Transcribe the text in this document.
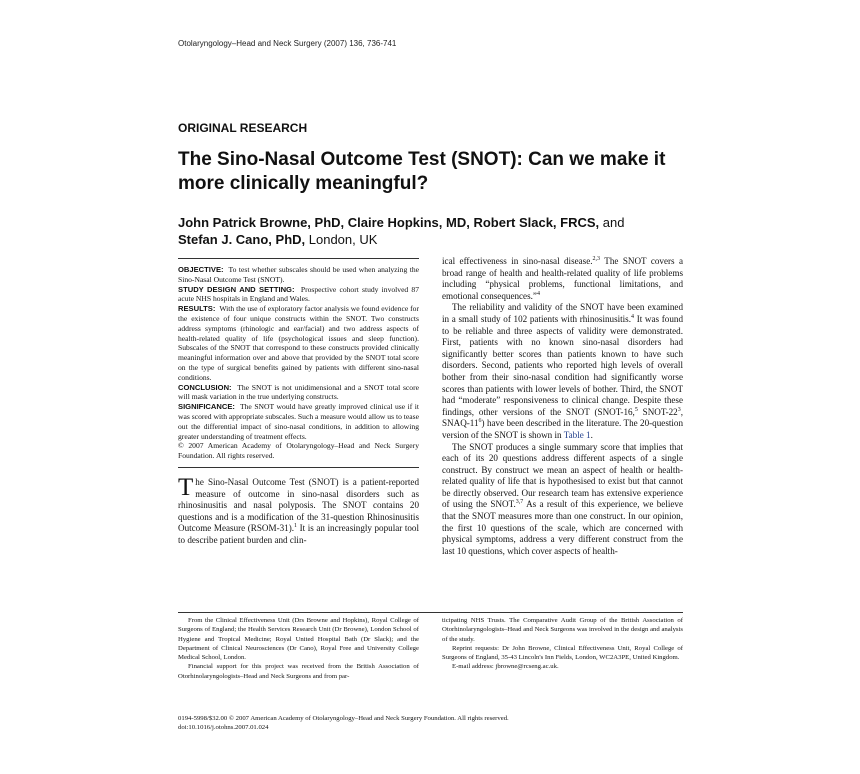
Otolaryngology–Head and Neck Surgery (2007) 136, 736-741
ORIGINAL RESEARCH
The Sino-Nasal Outcome Test (SNOT): Can we make it more clinically meaningful?
John Patrick Browne, PhD, Claire Hopkins, MD, Robert Slack, FRCS, and
Stefan J. Cano, PhD, London, UK

OBJECTIVE: To test whether subscales should be used when analyzing the Sino-Nasal Outcome Test (SNOT).

STUDY DESIGN AND SETTING: Prospective cohort study involved 87 acute NHS hospitals in England and Wales.

RESULTS: With the use of exploratory factor analysis we found evidence for the existence of four unique constructs within the SNOT. Two constructs address symptoms (rhinologic and ear/facial) and two address aspects of health-related quality of life (psychological issues and sleep function). Subscales of the SNOT that correspond to these constructs provided clinically meaningful information over and above that provided by the SNOT total score on the type of surgical benefits gained by patients with different sino-nasal conditions.

CONCLUSION: The SNOT is not unidimensional and a SNOT total score will mask variation in the true underlying constructs.

SIGNIFICANCE: The SNOT would have greatly improved clinical use if it was scored with appropriate subscales. Such a measure would allow us to tease out the differential impact of sino-nasal conditions, in addition to allowing greater understanding of treatment effects.

© 2007 American Academy of Otolaryngology–Head and Neck Surgery Foundation. All rights reserved.

The Sino-Nasal Outcome Test (SNOT) is a patient-reported measure of outcome in sino-nasal disorders such as rhinosinusitis and nasal polyposis. The SNOT contains 20 questions and is a modification of the 31-question Rhinosinusitis Outcome Measure (RSOM-31).$^1$ It is an increasingly popular tool to describe patient burden and clin-

ical effectiveness in sino-nasal disease.$^{2,3}$ The SNOT covers a broad range of health and health-related quality of life problems including “physical problems, functional limitations, and emotional consequences.”$^4$

The reliability and validity of the SNOT have been examined in a small study of 102 patients with rhinosinusitis.$^4$ It was found to be reliable and three aspects of validity were demonstrated. First, patients with no known sino-nasal disorders had significantly better scores than patients known to have such disorders. Second, patients who reported high levels of overall bother from their sino-nasal condition had significantly worse scores than patients with lower levels of bother. Third, the SNOT had “moderate” responsiveness to clinical change. Despite these findings, other versions of the SNOT (SNOT-16,$^5$ SNOT-$22^3$, SNAQ-$11^6$) have been described in the literature. The 20-question version of the SNOT is shown in Table 1.

The SNOT produces a single summary score that implies that each of its 20 questions address different aspects of a single construct. By construct we mean an aspect of health or health-related quality of life that is hypothesised to exist but that cannot be directly observed. Our research team has extensive experience of using the SNOT.$^{3,7}$ As a result of this experience, we believe that the SNOT measures more than one construct. In our opinion, the first 10 questions of the scale, which are concerned with physical symptoms, address a very different construct from the last 10 questions, which cover aspects of health-

From the Clinical Effectiveness Unit (Drs Browne and Hopkins), Royal College of Surgeons of England; the Health Services Research Unit (Dr Browne), London School of Hygiene and Tropical Medicine; Royal United Hospital Bath (Dr Slack); and the Department of Clinical Neurosciences (Dr Cano), Royal Free and University College Medical School, London.

Financial support for this project was received from the British Association of Otorhinolaryngologists–Head and Neck Surgeons and from par-

ticipating NHS Trusts. The Comparative Audit Group of the British Association of Otorhinolaryngologists–Head and Neck Surgeons was involved in the design and analysis of the study.

Reprint requests: Dr John Browne, Clinical Effectiveness Unit, Royal College of Surgeons of England, 35-43 Lincoln's Inn Fields, London, WC2A3PE, United Kingdom.

E-mail address: jbrowne@rcseng.ac.uk.

0194-5998/$32.00 © 2007 American Academy of Otolaryngology–Head and Neck Surgery Foundation. All rights reserved.

doi:10.1016/j.otohns.2007.01.024
